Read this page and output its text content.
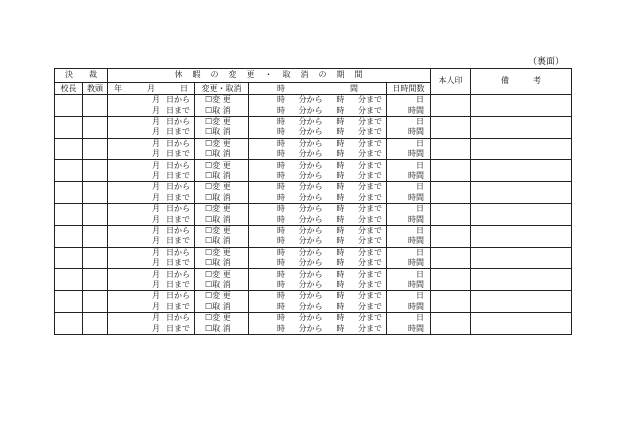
（裏面）
決　　裁		休　暇　の　変　更　・　取　消　の　期　間				本人印	備　　　考
校長	教頭	年 月 日	変更・取消	時 間	日時間数		

		月 日から	☐変 更	時 分から 時 分まで	日		

		月 日まで	☐取 消	時 分から 時 分まで	時間		

		月 日から	☐変 更	時 分から 時 分まで	日		

		月 日まで	☐取 消	時 分から 時 分まで	時間		

		月 日から	☐変 更	時 分から 時 分まで	日		

		月 日まで	☐取 消	時 分から 時 分まで	時間		

		月 日から	☐変 更	時 分から 時 分まで	日		

		月 日まで	☐取 消	時 分から 時 分まで	時間		

		月 日から	☐変 更	時 分から 時 分まで	日		

		月 日まで	☐取 消	時 分から 時 分まで	時間		

		月 日から	☐変 更	時 分から 時 分まで	日		

		月 日まで	☐取 消	時 分から 時 分まで	時間		

		月 日から	☐変 更	時 分から 時 分まで	日		

		月 日まで	☐取 消	時 分から 時 分まで	時間		

		月 日から	☐変 更	時 分から 時 分まで	日		

		月 日まで	☐取 消	時 分から 時 分まで	時間		

		月 日から	☐変 更	時 分から 時 分まで	日		

		月 日まで	☐取 消	時 分から 時 分まで	時間		

		月 日から	☐変 更	時 分から 時 分まで	日		

		月 日まで	☐取 消	時 分から 時 分まで	時間		

		月 日から	☐変 更	時 分から 時 分まで	日		

		月 日まで	☐取 消	時 分から 時 分まで	時間		
